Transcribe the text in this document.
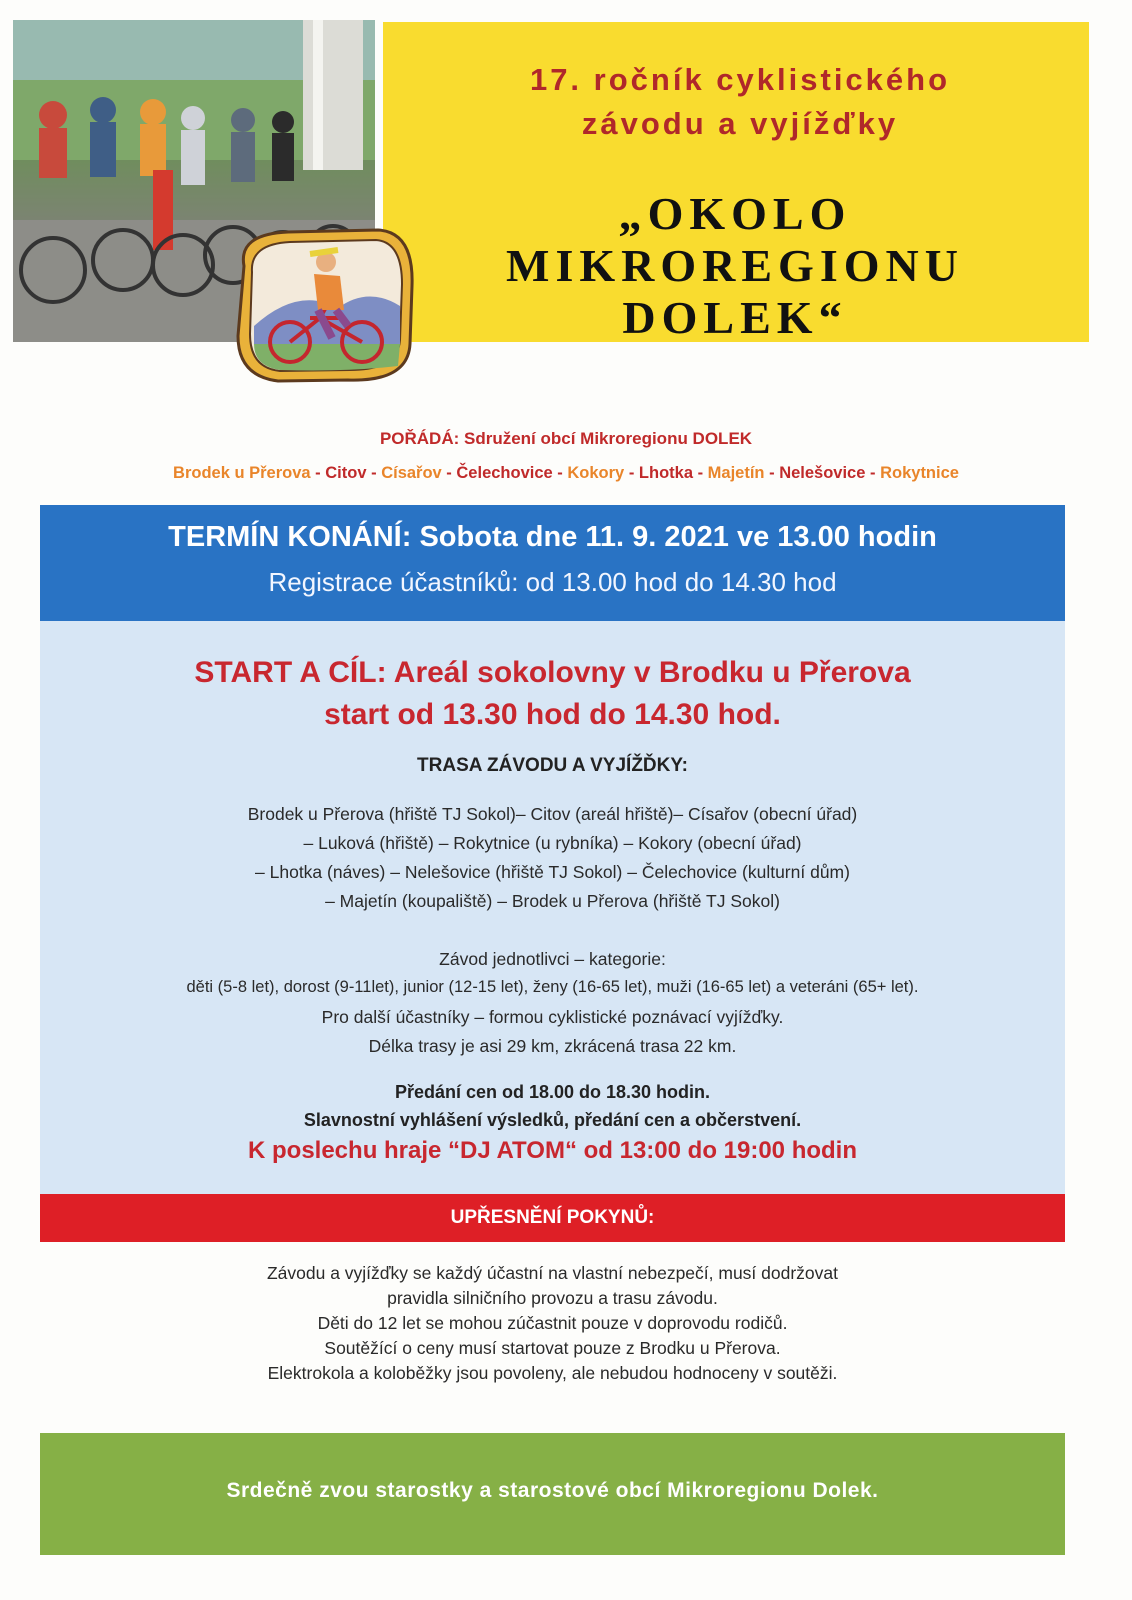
17. ročník cyklistického
závodu a vyjížďky
„OKOLO
MIKROREGIONU
DOLEK“
POŘÁDÁ: Sdružení obcí Mikroregionu DOLEK
Brodek u Přerova - Citov - Císařov - Čelechovice - Kokory - Lhotka - Majetín - Nelešovice - Rokytnice
TERMÍN KONÁNÍ: Sobota dne 11. 9. 2021 ve 13.00 hodin
Registrace účastníků: od 13.00 hod do 14.30 hod
START A CÍL: Areál sokolovny v Brodku u Přerova
start od 13.30 hod do 14.30 hod.
TRASA ZÁVODU A VYJÍŽĎKY:
Brodek u Přerova (hřiště TJ Sokol)– Citov (areál hřiště)– Císařov (obecní úřad)
– Luková (hřiště) – Rokytnice (u rybníka) – Kokory (obecní úřad)
– Lhotka (náves) – Nelešovice (hřiště TJ Sokol) – Čelechovice (kulturní dům)
– Majetín (koupaliště) – Brodek u Přerova (hřiště TJ Sokol)
Závod jednotlivci – kategorie:
děti (5-8 let), dorost (9-11let), junior (12-15 let), ženy (16-65 let), muži (16-65 let) a veteráni (65+ let).
Pro další účastníky – formou cyklistické poznávací vyjížďky.
Délka trasy je asi 29 km, zkrácená trasa 22 km.
Předání cen od 18.00 do 18.30 hodin.
Slavnostní vyhlášení výsledků, předání cen a občerstvení.
K poslechu hraje “DJ ATOM“ od 13:00 do 19:00 hodin
UPŘESNĚNÍ POKYNŮ:
Závodu a vyjížďky se každý účastní na vlastní nebezpečí, musí dodržovat
pravidla silničního provozu a trasu závodu.
Děti do 12 let se mohou zúčastnit pouze v doprovodu rodičů.
Soutěžící o ceny musí startovat pouze z Brodku u Přerova.
Elektrokola a koloběžky jsou povoleny, ale nebudou hodnoceny v soutěži.
Srdečně zvou starostky a starostové obcí Mikroregionu Dolek.
